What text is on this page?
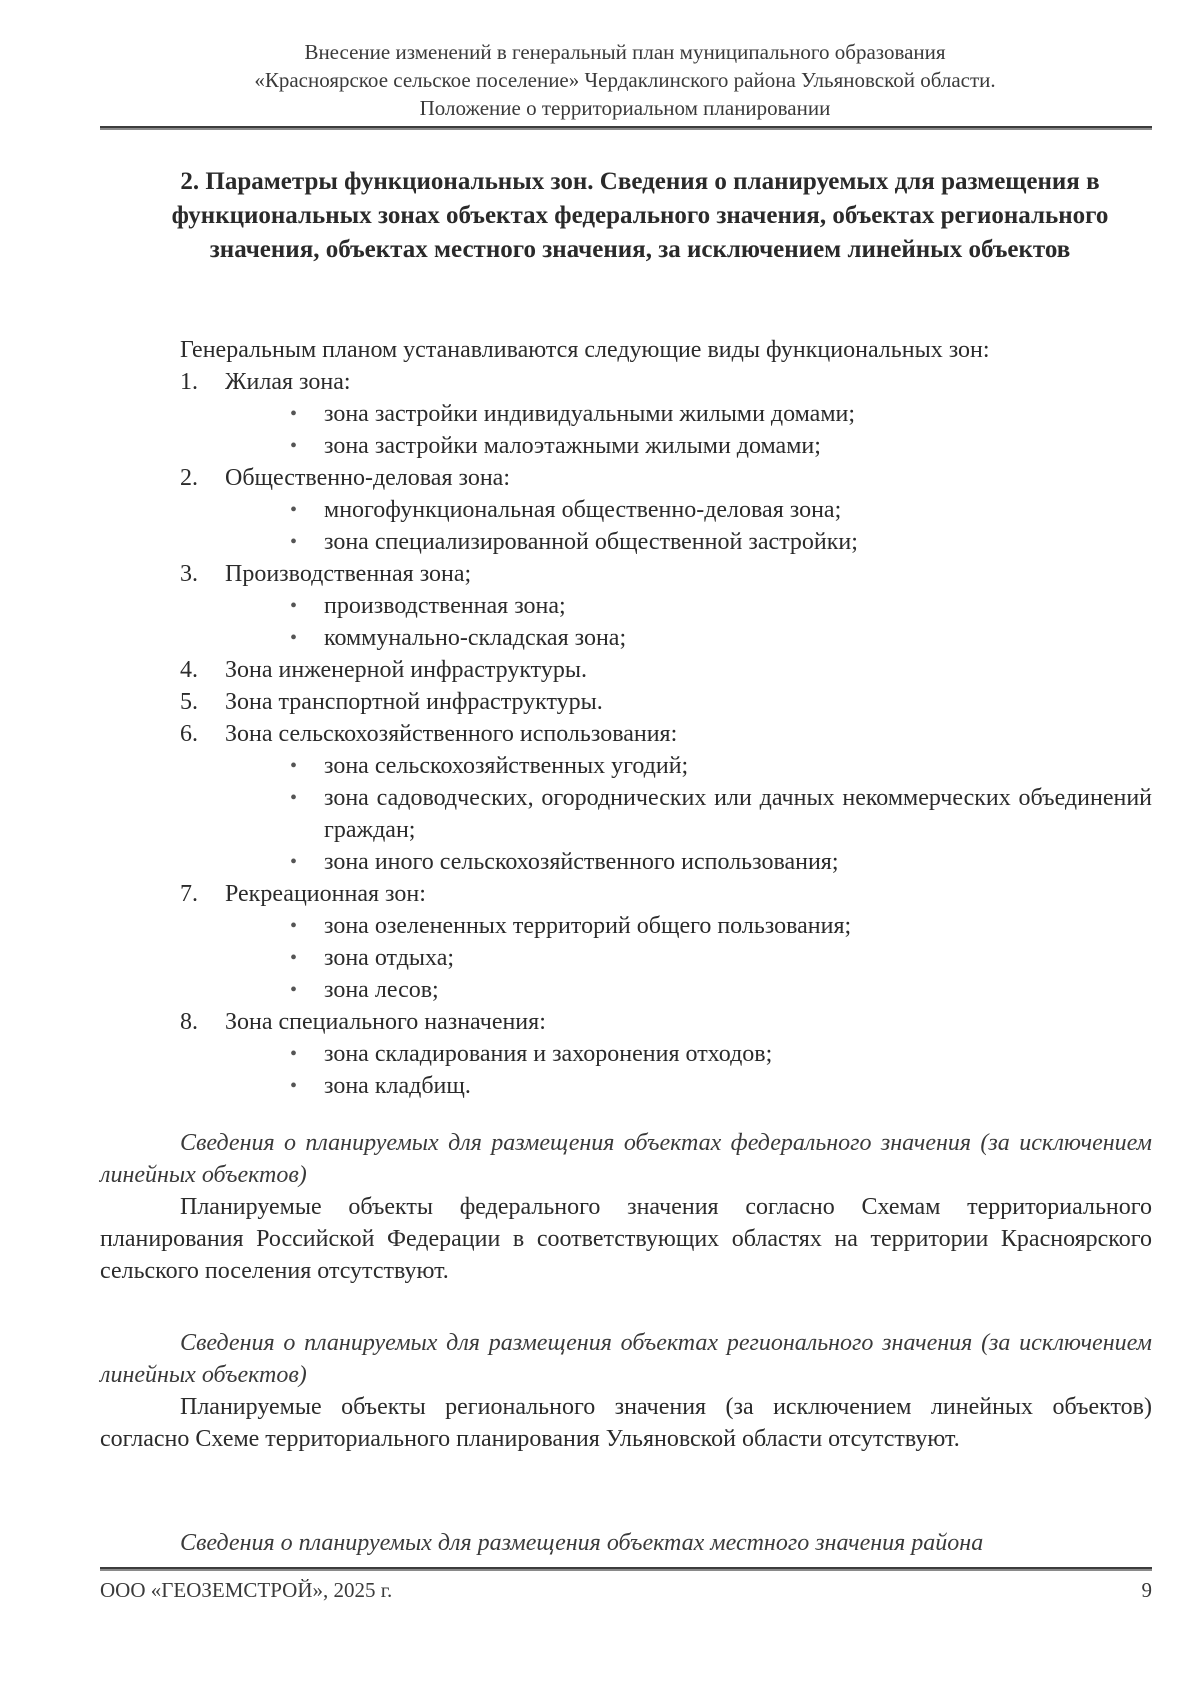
Внесение изменений в генеральный план муниципального образования
«Красноярское сельское поселение» Чердаклинского района Ульяновской области.
Положение о территориальном планировании
2. Параметры функциональных зон. Сведения о планируемых для размещения в функциональных зонах объектах федерального значения, объектах регионального значения, объектах местного значения, за исключением линейных объектов
Генеральным планом устанавливаются следующие виды функциональных зон:
1.	Жилая зона:
• зона застройки индивидуальными жилыми домами;
• зона застройки малоэтажными жилыми домами;
2.	Общественно-деловая зона:
• многофункциональная общественно-деловая зона;
• зона специализированной общественной застройки;
3.	Производственная зона;
• производственная зона;
• коммунально-складская зона;
4.	Зона инженерной инфраструктуры.
5.	Зона транспортной инфраструктуры.
6.	Зона сельскохозяйственного использования:
• зона сельскохозяйственных угодий;
• зона садоводческих, огороднических или дачных некоммерческих объединений граждан;
• зона иного сельскохозяйственного использования;
7.	Рекреационная зон:
• зона озелененных территорий общего пользования;
• зона отдыха;
• зона лесов;
8.	Зона специального назначения:
• зона складирования и захоронения отходов;
• зона кладбищ.
Сведения о планируемых для размещения объектах федерального значения (за исключением линейных объектов)
Планируемые объекты федерального значения согласно Схемам территориального планирования Российской Федерации в соответствующих областях на территории Красноярского сельского поселения отсутствуют.
Сведения о планируемых для размещения объектах регионального значения (за исключением линейных объектов)
Планируемые объекты регионального значения (за исключением линейных объектов) согласно Схеме территориального планирования Ульяновской области отсутствуют.
Сведения о планируемых для размещения объектах местного значения района
ООО «ГЕОЗЕМСТРОЙ», 2025 г.	9
